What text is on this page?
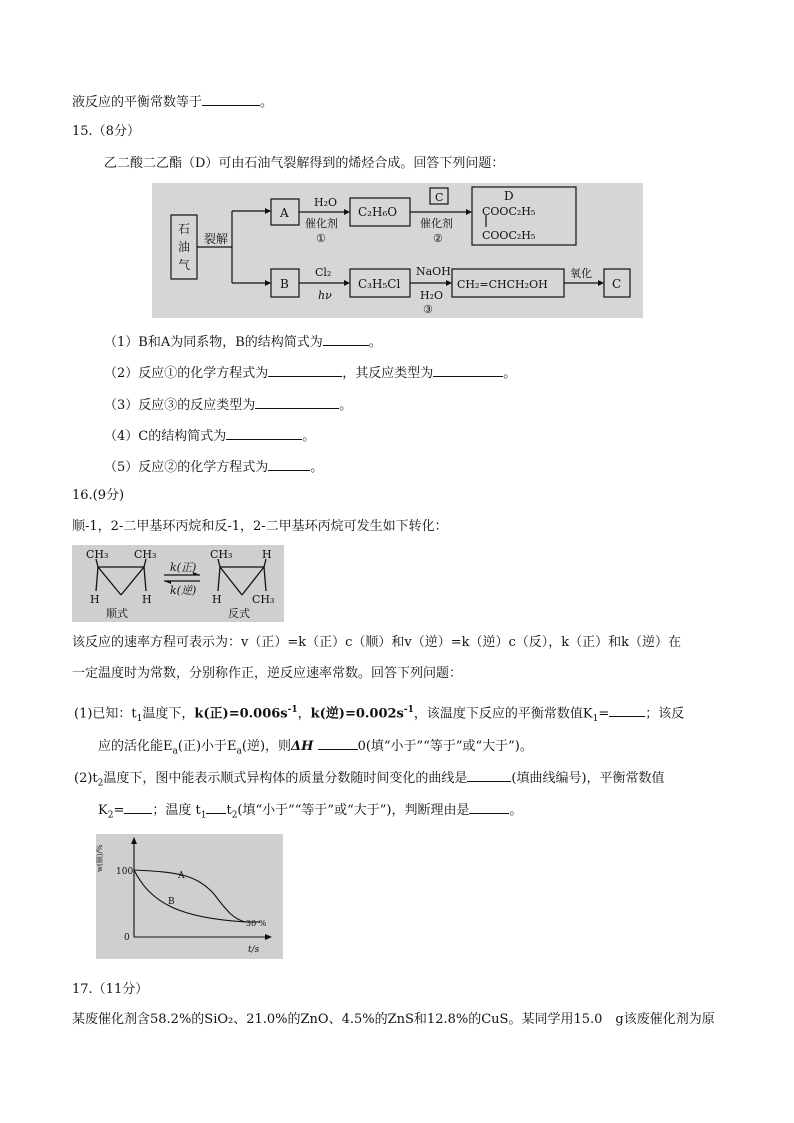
液反应的平衡常数等于	。
15.（8分）
乙二酸二乙酯（D）可由石油气裂解得到的烯烃合成。回答下列问题：
石
油
气
裂解
A
B
H₂O
催化剂
①
C₂H₆O
C
催化剂
②
D
COOC₂H₅
COOC₂H₅
Cl₂
hν
C₃H₅Cl
NaOH
H₂O
③
CH₂=CHCH₂OH
氧化
C
（1）B和A为同系物，B的结构简式为	。
（2）反应①的化学方程式为	，其反应类型为	。
（3）反应③的反应类型为	。
（4）C的结构简式为	。
（5）反应②的化学方程式为	。
16.(9分)
顺-1，2-二甲基环丙烷和反-1，2-二甲基环丙烷可发生如下转化：
CH₃ CH₃
H	H
顺式
k(正)
k(逆)
CH₃	H
H	CH₃
反式
该反应的速率方程可表示为：v（正）=k（正）c（顺）和v（逆）=k（逆）c（反），k（正）和k（逆）在
一定温度时为常数，分别称作正，逆反应速率常数。回答下列问题：
(1)已知：$t_1$温度下，k(正)$=0.006s^{-1}$，k(逆)$=0.002s^{-1}$，该温度下反应的平衡常数值$K_1=$	；该反
应的活化能$E_a$(正)小于$E_a$(逆)，则ΔH	0(填“小于”“等于”或“大于”)。
$(2)t_2$温度下，图中能表示顺式异构体的质量分数随时间变化的曲线是	(填曲线编号)，平衡常数值
$K_2=$ ；温度 $t_1$ $t_2$(填“小于”“等于”或“大于”)，判断理由是	。
w(顺)/% 100
0
A
B
30 %
t/s
17.（11分）
某废催化剂含58.2%的SiO₂、21.0%的ZnO、4.5%的ZnS和12.8%的CuS。某同学用15.0　g该废催化剂为原
